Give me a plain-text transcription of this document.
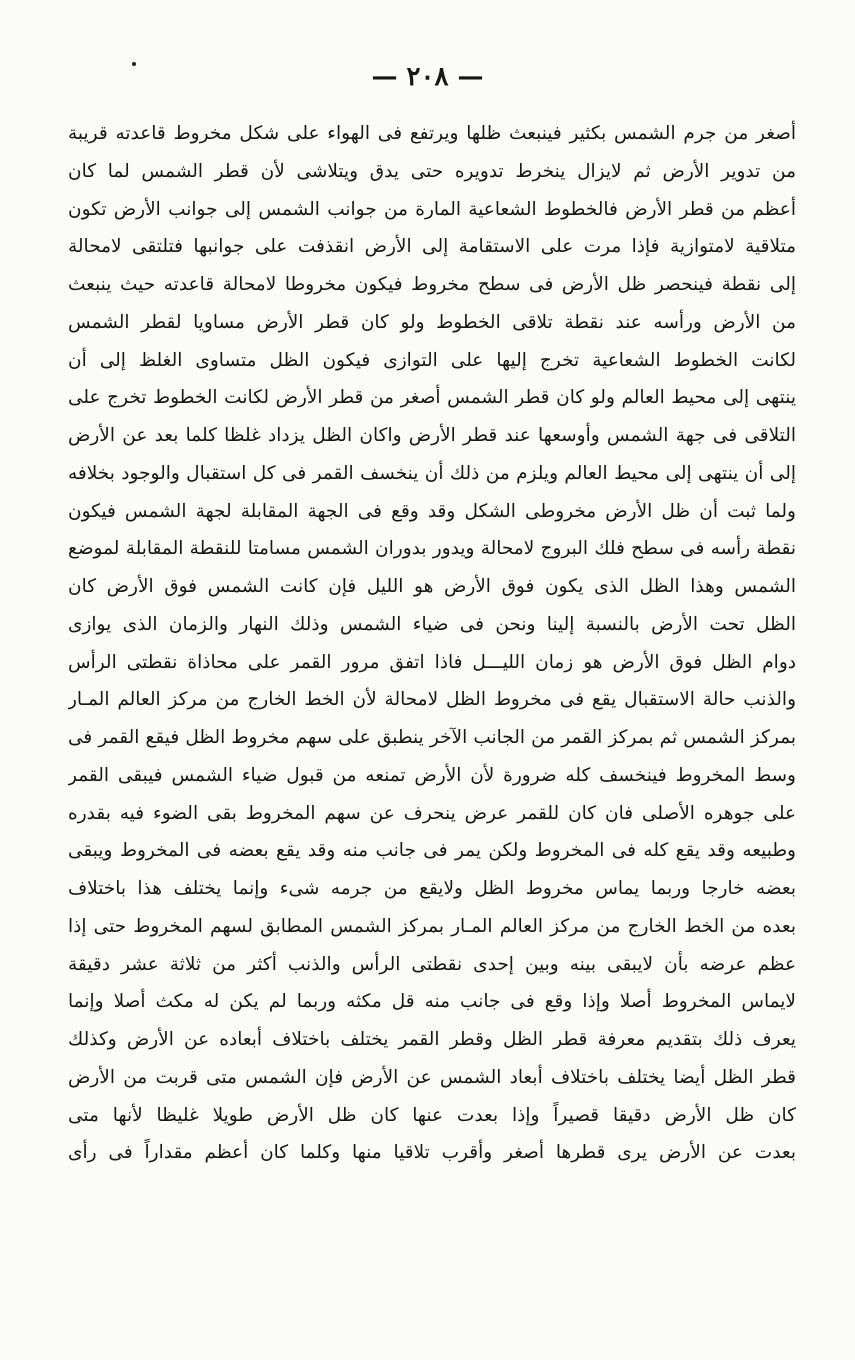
— ٢٠٨ —
أصغر من جرم الشمس بكثير فينبعث ظلها ويرتفع فى الهواء على شكل مخروط قاعدته قريبة
من تدوير الأرض ثم لايزال ينخرط تدويره حتى يدق ويتلاشى لأن قطر الشمس لما كان
أعظم من قطر الأرض فالخطوط الشعاعية المارة من جوانب الشمس إلى جوانب الأرض تكون
متلاقية لامتوازية فإذا مرت على الاستقامة إلى الأرض انقذفت على جوانبها فتلتقى لامحالة
إلى نقطة فينحصر ظل الأرض فى سطح مخروط فيكون مخروطا لامحالة قاعدته حيث ينبعث
من الأرض ورأسه عند نقطة تلاقى الخطوط ولو كان قطر الأرض مساويا لقطر الشمس
لكانت الخطوط الشعاعية تخرج إليها على التوازى فيكون الظل متساوى الغلظ إلى أن
ينتهى إلى محيط العالم ولو كان قطر الشمس أصغر من قطر الأرض لكانت الخطوط تخرج على
التلاقى فى جهة الشمس وأوسعها عند قطر الأرض واكان الظل يزداد غلظا كلما بعد عن الأرض
إلى أن ينتهى إلى محيط العالم ويلزم من ذلك أن ينخسف القمر فى كل استقبال والوجود بخلافه
ولما ثبت أن ظل الأرض مخروطى الشكل وقد وقع فى الجهة المقابلة لجهة الشمس فيكون
نقطة رأسه فى سطح فلك البروج لامحالة ويدور بدوران الشمس مسامتا للنقطة المقابلة لموضع
الشمس وهذا الظل الذى يكون فوق الأرض هو الليل فإن كانت الشمس فوق الأرض كان
الظل تحت الأرض بالنسبة إلينا ونحن فى ضياء الشمس وذلك النهار والزمان الذى يوازى
دوام الظل فوق الأرض هو زمان الليـــل فاذا اتفق مرور القمر على محاذاة نقطتى الرأس
والذنب حالة الاستقبال يقع فى مخروط الظل لامحالة لأن الخط الخارج من مركز العالم المـار
بمركز الشمس ثم بمركز القمر من الجانب الآخر ينطبق على سهم مخروط الظل فيقع القمر فى
وسط المخروط فينخسف كله ضرورة لأن الأرض تمنعه من قبول ضياء الشمس فيبقى القمر
على جوهره الأصلى فان كان للقمر عرض ينحرف عن سهم المخروط بقى الضوء فيه بقدره
وطبيعه وقد يقع كله فى المخروط ولكن يمر فى جانب منه وقد يقع بعضه فى المخروط ويبقى
بعضه خارجا وربما يماس مخروط الظل ولايقع من جرمه شىء وإنما يختلف هذا باختلاف
بعده من الخط الخارج من مركز العالم المـار بمركز الشمس المطابق لسهم المخروط حتى إذا
عظم عرضه بأن لايبقى بينه وبين إحدى نقطتى الرأس والذنب أكثر من ثلاثة عشر دقيقة
لايماس المخروط أصلا وإذا وقع فى جانب منه قل مكثه وربما لم يكن له مكث أصلا وإنما
يعرف ذلك بتقديم معرفة قطر الظل وقطر القمر يختلف باختلاف أبعاده عن الأرض وكذلك
قطر الظل أيضا يختلف باختلاف أبعاد الشمس عن الأرض فإن الشمس متى قربت من الأرض
كان ظل الأرض دقيقا قصيراً وإذا بعدت عنها كان ظل الأرض طويلا غليظا لأنها متى
بعدت عن الأرض يرى قطرها أصغر وأقرب تلاقيا منها وكلما كان أعظم مقداراً فى رأى
